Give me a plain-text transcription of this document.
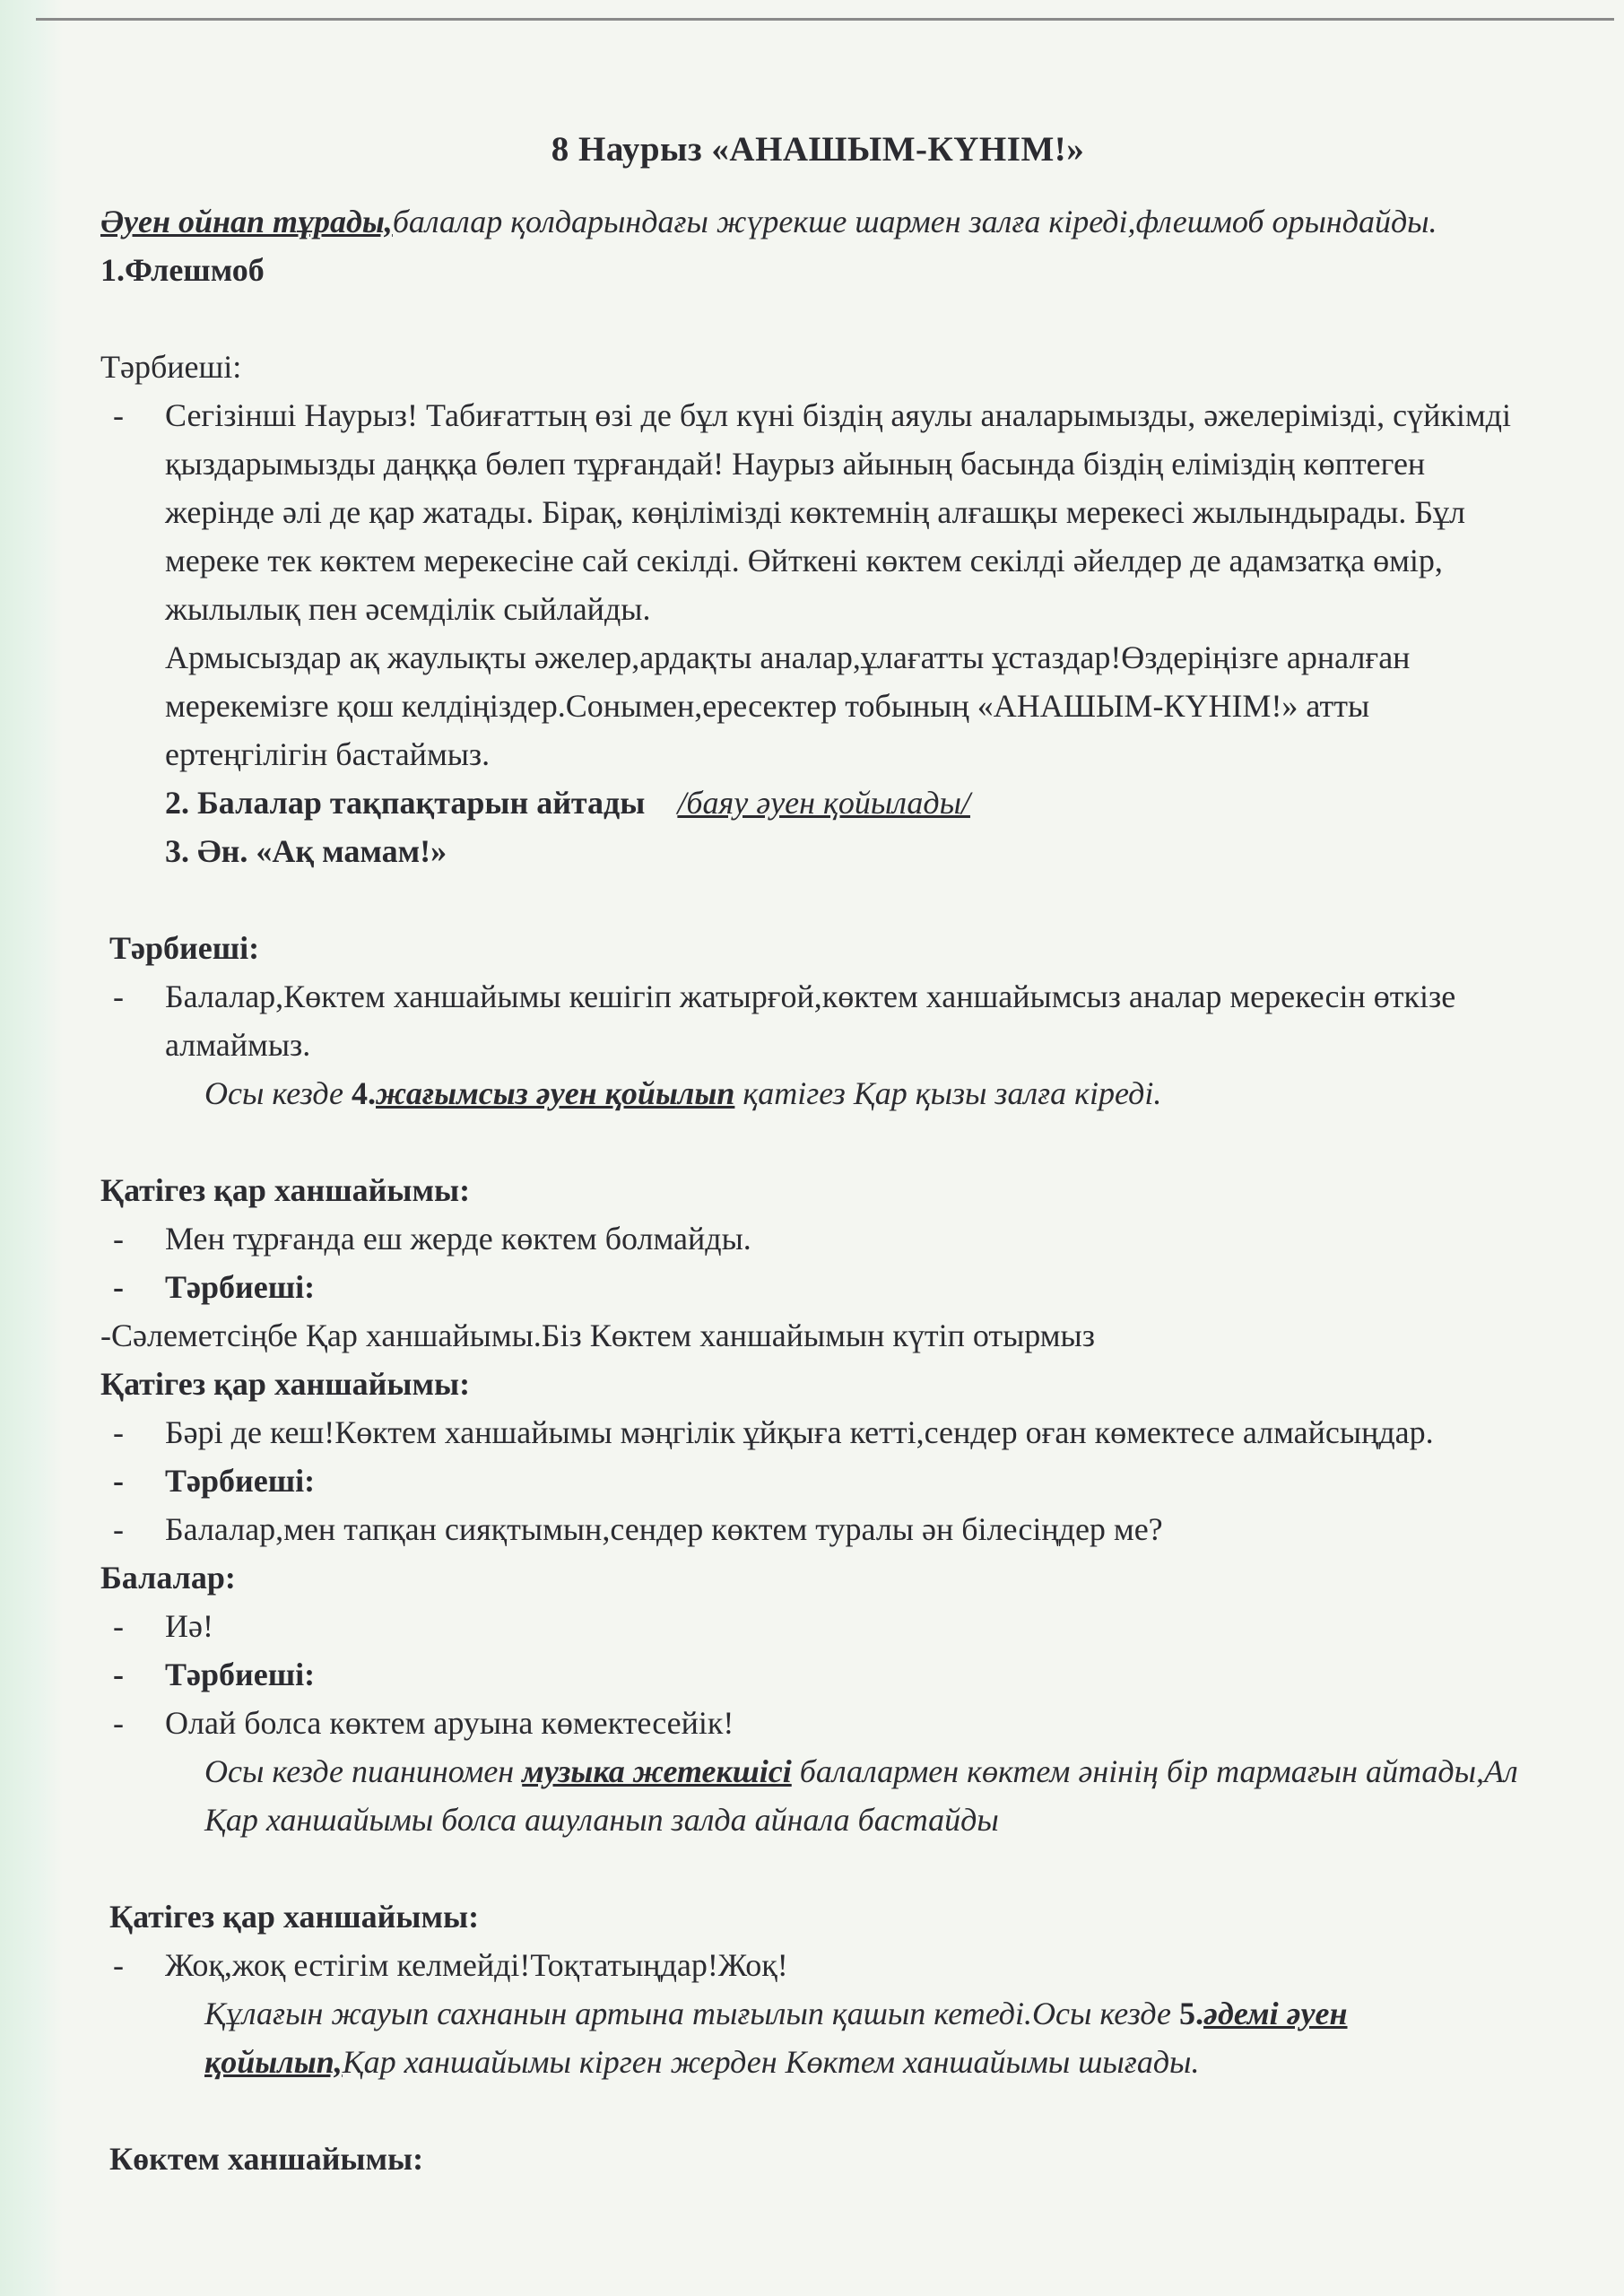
8 Наурыз «АНАШЫМ-КҮНІМ!»

Әуен ойнап тұрады,балалар қолдарындағы жүрекше шармен залға кіреді,флешмоб орындайды.

1.Флешмоб

Тәрбиеші:

- Сегізінші Наурыз! Табиғаттың өзі де бұл күні біздің аяулы аналарымызды, әжелерімізді, сүйкімді қыздарымызды даңққа бөлеп тұрғандай! Наурыз айының басында біздің еліміздің көптеген жерінде әлі де қар жатады. Бірақ, көңілімізді көктемнің алғашқы мерекесі жылындырады. Бұл мереке тек көктем мерекесіне сай секілді. Өйткені көктем секілді әйелдер де адамзатқа өмір, жылылық пен әсемділік сыйлайды.

Армысыздар ақ жаулықты әжелер,ардақты аналар,ұлағатты ұстаздар!Өздеріңізге арналған мерекемізге қош келдіңіздер.Сонымен,ересектер тобының «АНАШЫМ-КҮНІМ!» атты ертеңгілігін бастаймыз.

2. Балалар тақпақтарын айтады /баяу әуен қойылады/

3. Ән. «Ақ мамам!»

Тәрбиеші:

- Балалар,Көктем ханшайымы кешігіп жатырғой,көктем ханшайымсыз аналар мерекесін өткізе алмаймыз.

Осы кезде 4.жағымсыз әуен қойылып қатігез Қар қызы залға кіреді.

Қатігез қар ханшайымы:

- Мен тұрғанда еш жерде көктем болмайды.

- Тәрбиеші:

-Сәлеметсіңбе Қар ханшайымы.Біз Көктем ханшайымын күтіп отырмыз

Қатігез қар ханшайымы:

- Бәрі де кеш!Көктем ханшайымы мәңгілік ұйқыға кетті,сендер оған көмектесе алмайсыңдар.

- Тәрбиеші:

- Балалар,мен тапқан сияқтымын,сендер көктем туралы ән білесіңдер ме?

Балалар:

- Иә!

- Тәрбиеші:

- Олай болса көктем аруына көмектесейік!

Осы кезде пианиномен музыка жетекшісі балалармен көктем әнінің бір тармағын айтады,Ал Қар ханшайымы болса ашуланып залда айнала бастайды

Қатігез қар ханшайымы:

- Жоқ,жоқ естігім келмейді!Тоқтатыңдар!Жоқ!

Құлағын жауып сахнанын артына тығылып қашып кетеді.Осы кезде 5.әдемі әуен қойылып,Қар ханшайымы кірген жерден Көктем ханшайымы шығады.

Көктем ханшайымы:
